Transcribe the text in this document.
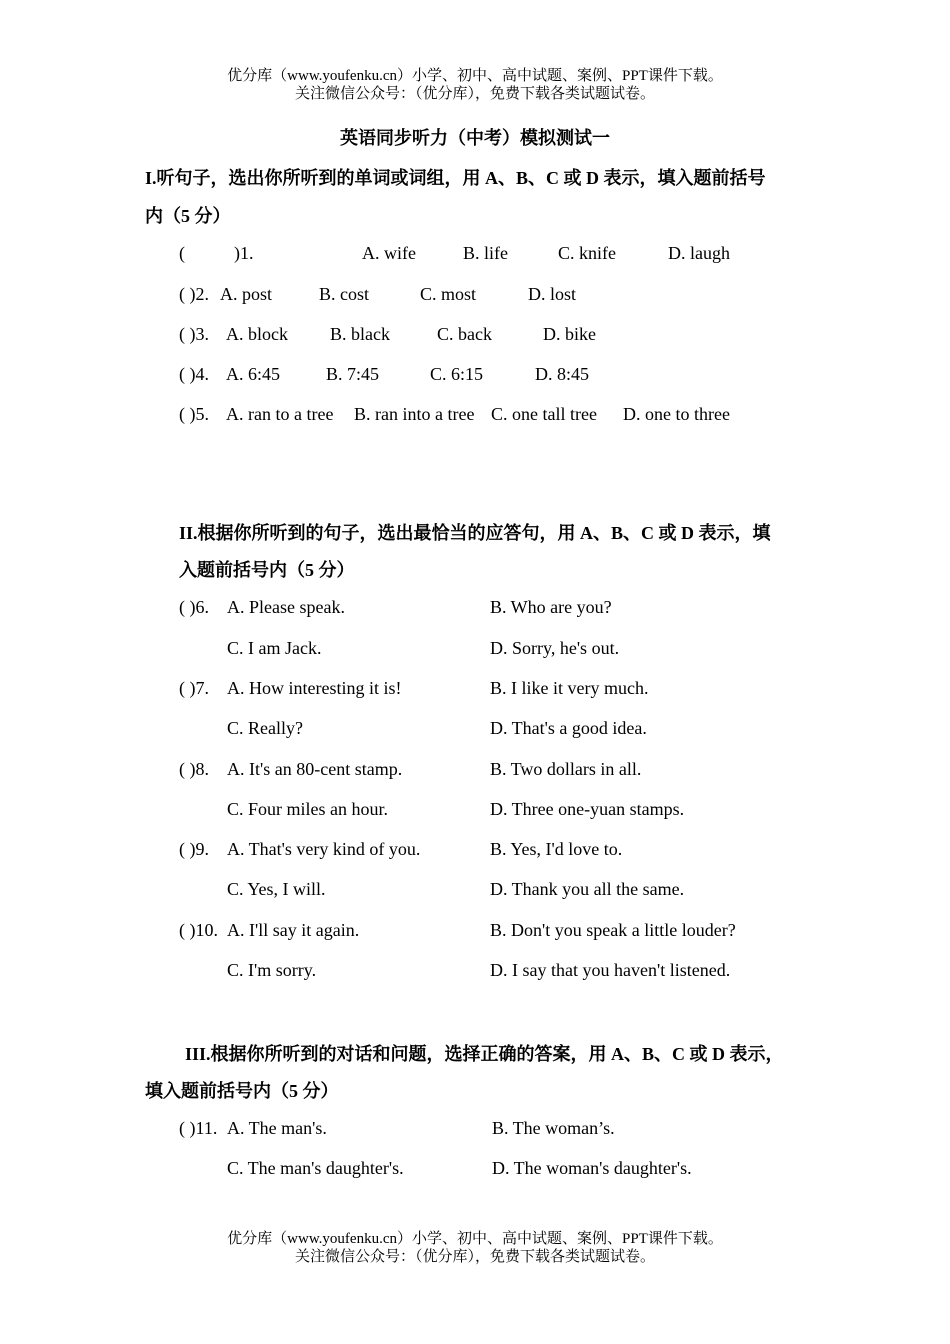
优分库（www.youfenku.cn）小学、初中、高中试题、案例、PPT课件下载。
关注微信公众号：（优分库），免费下载各类试题试卷。
英语同步听力（中考）模拟测试一
I.听句子，选出你所听到的单词或词组，用 A、B、C 或 D 表示，填入题前括号
内（5 分）
(	)1.	A. wife	B. life	C. knife	D. laugh
( )2. A. post	B. cost	C. most	D. lost
( )3. A. block B. black	C. back	D. bike
( )4. A. 6:45	B. 7:45	C. 6:15	D. 8:45
( )5. A. ran to a tree B. ran into a tree C. one tall tree D. one to three
II.根据你所听到的句子，选出最恰当的应答句，用 A、B、C 或 D 表示，填
入题前括号内（5 分）
( )6. A. Please speak.	B. Who are you?
C. I am Jack.	D. Sorry, he's out.
( )7. A. How interesting it is!	B. I like it very much.
C. Really?	D. That's a good idea.
( )8. A. It's an 80-cent stamp.	B. Two dollars in all.
C. Four miles an hour.	D. Three one-yuan stamps.
( )9. A. That's very kind of you.	B. Yes, I'd love to.
C. Yes, I will.	D. Thank you all the same.
( )10. A. I'll say it again.	B. Don't you speak a little louder?
C. I'm sorry.	D. I say that you haven't listened.
III.根据你所听到的对话和问题，选择正确的答案，用 A、B、C 或 D 表示，
填入题前括号内（5 分）
( )11. A. The man's.	B. The woman’s.
C. The man's daughter's.	D. The woman's daughter's.
优分库（www.youfenku.cn）小学、初中、高中试题、案例、PPT课件下载。
关注微信公众号：（优分库），免费下载各类试题试卷。
